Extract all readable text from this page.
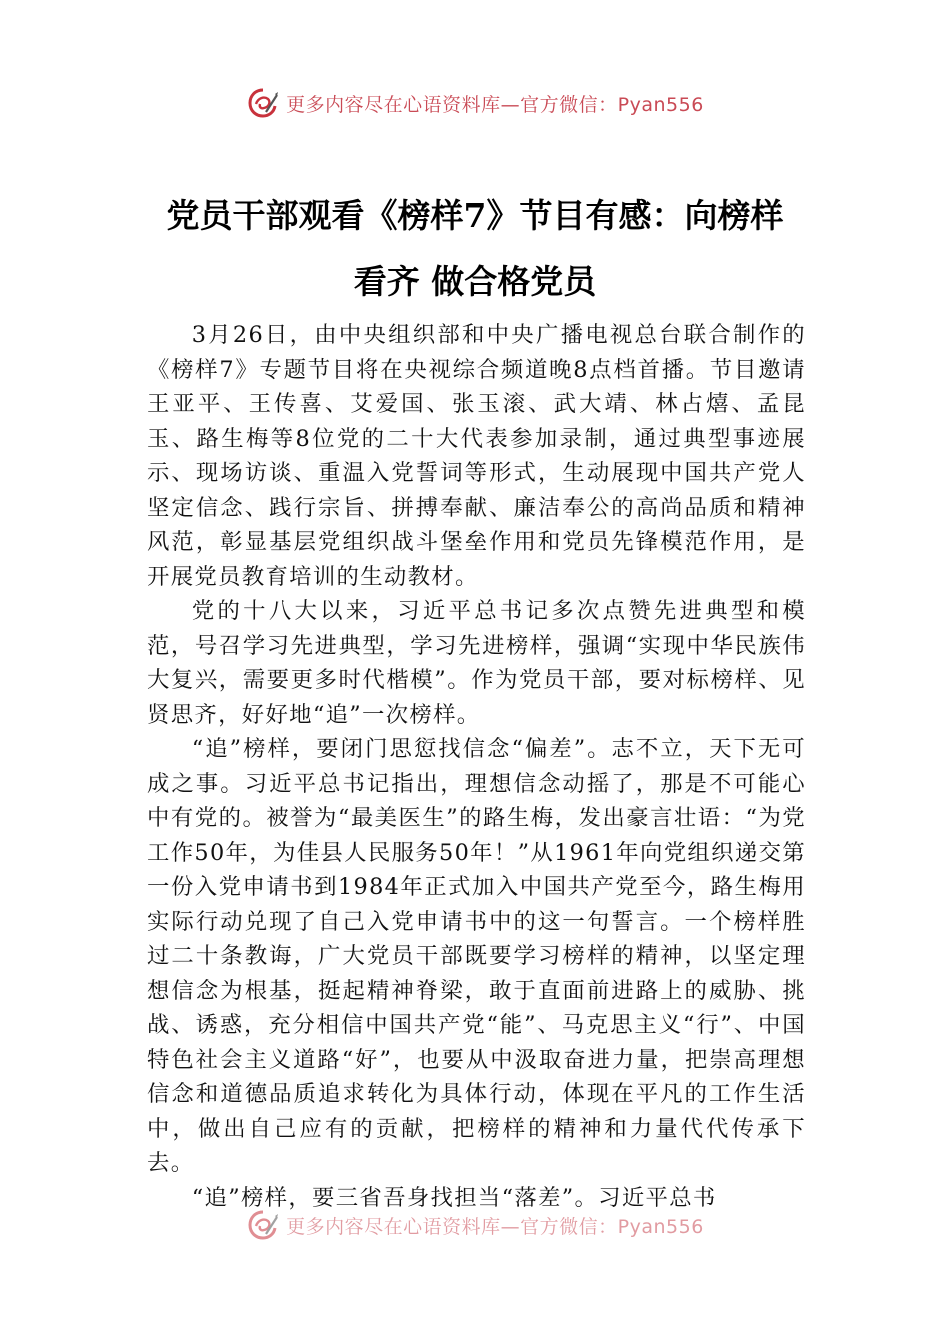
更多内容尽在心语资料库—官方微信：Pyan556
党员干部观看《榜样7》节目有感：向榜样
看齐 做合格党员

3月26日，由中央组织部和中央广播电视总台联合制作的《榜样7》专题节目将在央视综合频道晚8点档首播。节目邀请王亚平、王传喜、艾爱国、张玉滚、武大靖、林占熺、孟昆玉、路生梅等8位党的二十大代表参加录制，通过典型事迹展示、现场访谈、重温入党誓词等形式，生动展现中国共产党人坚定信念、践行宗旨、拼搏奉献、廉洁奉公的高尚品质和精神风范，彰显基层党组织战斗堡垒作用和党员先锋模范作用，是开展党员教育培训的生动教材。

党的十八大以来，习近平总书记多次点赞先进典型和模范，号召学习先进典型，学习先进榜样，强调“实现中华民族伟大复兴，需要更多时代楷模”。作为党员干部，要对标榜样、见贤思齐，好好地“追”一次榜样。

“追”榜样，要闭门思愆找信念“偏差”。志不立，天下无可成之事。习近平总书记指出，理想信念动摇了，那是不可能心中有党的。被誉为“最美医生”的路生梅，发出豪言壮语：“为党工作50年，为佳县人民服务50年！”从1961年向党组织递交第一份入党申请书到1984年正式加入中国共产党至今，路生梅用实际行动兑现了自己入党申请书中的这一句誓言。一个榜样胜过二十条教诲，广大党员干部既要学习榜样的精神，以坚定理想信念为根基，挺起精神脊梁，敢于直面前进路上的威胁、挑战、诱惑，充分相信中国共产党“能”、马克思主义“行”、中国特色社会主义道路“好”，也要从中汲取奋进力量，把崇高理想信念和道德品质追求转化为具体行动，体现在平凡的工作生活中，做出自己应有的贡献，把榜样的精神和力量代代传承下去。

“追”榜样，要三省吾身找担当“落差”。习近平总书

更多内容尽在心语资料库—官方微信：Pyan556
